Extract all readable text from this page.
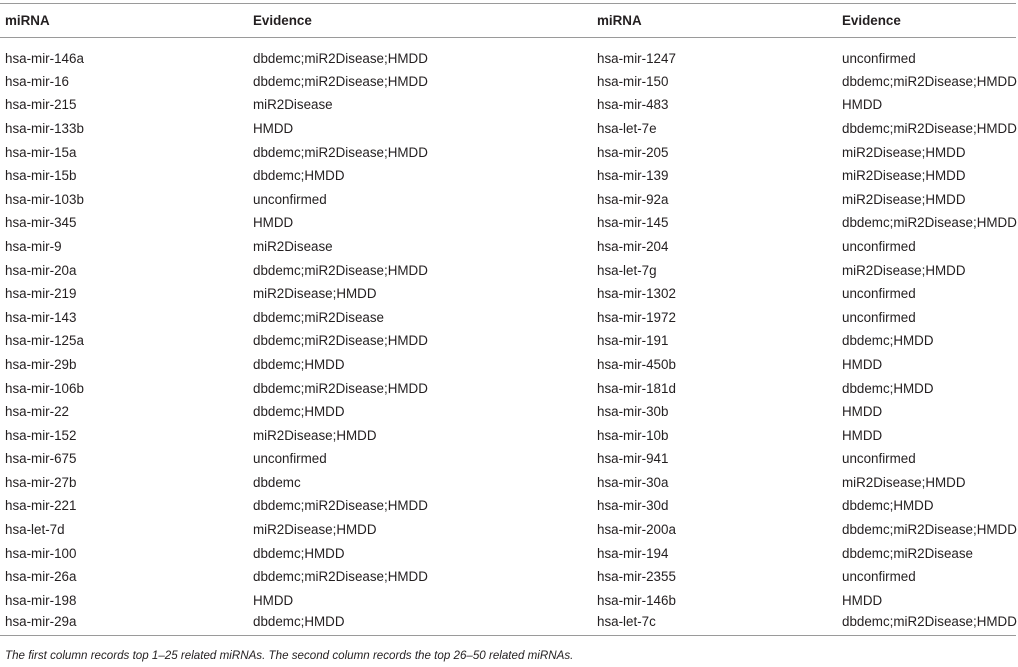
miRNA	Evidence	miRNA	Evidence
hsa-mir-146a	dbdemc;miR2Disease;HMDD	hsa-mir-1247	unconfirmed
hsa-mir-16	dbdemc;miR2Disease;HMDD	hsa-mir-150	dbdemc;miR2Disease;HMDD
hsa-mir-215	miR2Disease	hsa-mir-483	HMDD
hsa-mir-133b	HMDD	hsa-let-7e	dbdemc;miR2Disease;HMDD
hsa-mir-15a	dbdemc;miR2Disease;HMDD	hsa-mir-205	miR2Disease;HMDD
hsa-mir-15b	dbdemc;HMDD	hsa-mir-139	miR2Disease;HMDD
hsa-mir-103b	unconfirmed	hsa-mir-92a	miR2Disease;HMDD
hsa-mir-345	HMDD	hsa-mir-145	dbdemc;miR2Disease;HMDD
hsa-mir-9	miR2Disease	hsa-mir-204	unconfirmed
hsa-mir-20a	dbdemc;miR2Disease;HMDD	hsa-let-7g	miR2Disease;HMDD
hsa-mir-219	miR2Disease;HMDD	hsa-mir-1302	unconfirmed
hsa-mir-143	dbdemc;miR2Disease	hsa-mir-1972	unconfirmed
hsa-mir-125a	dbdemc;miR2Disease;HMDD	hsa-mir-191	dbdemc;HMDD
hsa-mir-29b	dbdemc;HMDD	hsa-mir-450b	HMDD
hsa-mir-106b	dbdemc;miR2Disease;HMDD	hsa-mir-181d	dbdemc;HMDD
hsa-mir-22	dbdemc;HMDD	hsa-mir-30b	HMDD
hsa-mir-152	miR2Disease;HMDD	hsa-mir-10b	HMDD
hsa-mir-675	unconfirmed	hsa-mir-941	unconfirmed
hsa-mir-27b	dbdemc	hsa-mir-30a	miR2Disease;HMDD
hsa-mir-221	dbdemc;miR2Disease;HMDD	hsa-mir-30d	dbdemc;HMDD
hsa-let-7d	miR2Disease;HMDD	hsa-mir-200a	dbdemc;miR2Disease;HMDD
hsa-mir-100	dbdemc;HMDD	hsa-mir-194	dbdemc;miR2Disease
hsa-mir-26a	dbdemc;miR2Disease;HMDD	hsa-mir-2355	unconfirmed
hsa-mir-198	HMDD	hsa-mir-146b	HMDD
hsa-mir-29a	dbdemc;HMDD	hsa-let-7c	dbdemc;miR2Disease;HMDD
The first column records top 1–25 related miRNAs. The second column records the top 26–50 related miRNAs.
